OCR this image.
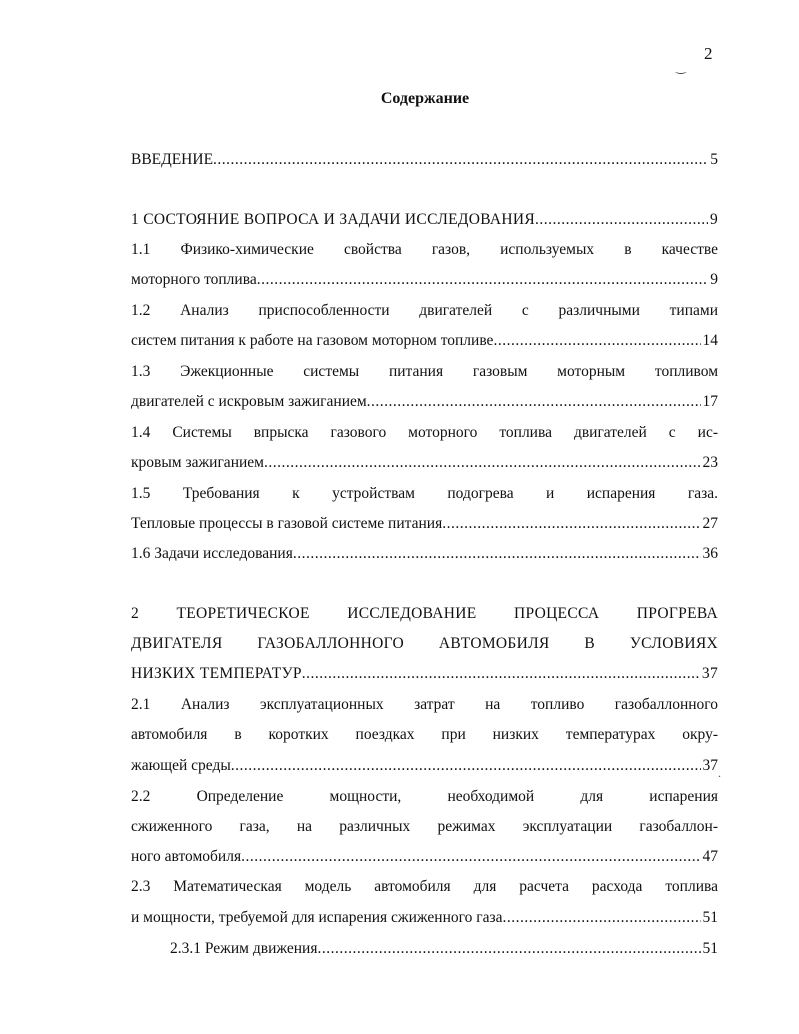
2
‿
Содержание
ВВЕДЕНИЕ .....	5
1 СОСТОЯНИЕ ВОПРОСА И ЗАДАЧИ ИССЛЕДОВАНИЯ .....	9
1.1 Физико-химические свойства газов, используемых в качестве
моторного топлива .....	9
1.2 Анализ приспособленности двигателей с различными типами
систем питания к работе на газовом моторном топливе .....	14
1.3 Эжекционные системы питания газовым моторным топливом
двигателей с искровым зажиганием .....	17
1.4 Системы впрыска газового моторного топлива двигателей с ис-
кровым зажиганием .....	23
1.5 Требования к устройствам подогрева и испарения газа.
Тепловые процессы в газовой системе питания .....	27
1.6 Задачи исследования .....	36
2 ТЕОРЕТИЧЕСКОЕ ИССЛЕДОВАНИЕ ПРОЦЕССА ПРОГРЕВА
ДВИГАТЕЛЯ ГАЗОБАЛЛОННОГО АВТОМОБИЛЯ В УСЛОВИЯХ
НИЗКИХ ТЕМПЕРАТУР .....	37
2.1 Анализ эксплуатационных затрат на топливо газобаллонного
автомобиля в коротких поездках при низких температурах окру-
жающей среды .....	37 .
2.2 Определение мощности, необходимой для испарения
сжиженного газа, на различных режимах эксплуатации газобаллон-
ного автомобиля .....	47
2.3 Математическая модель автомобиля для расчета расхода топлива
и мощности, требуемой для испарения сжиженного газа .....	51
2.3.1 Режим движения .....	51
